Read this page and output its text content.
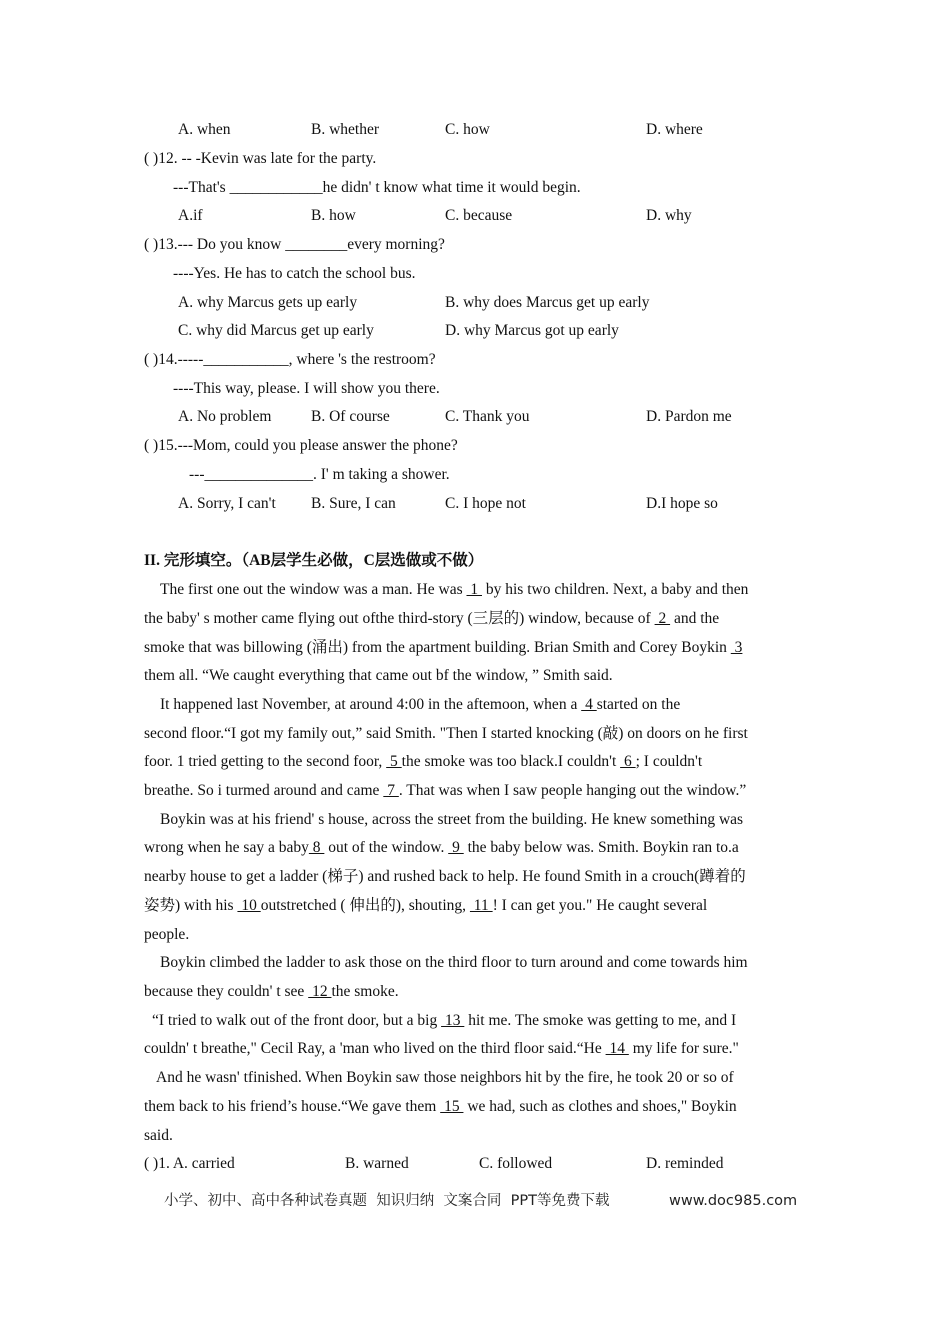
A. when	B. whether	C. how	D. where
( )12. -- -Kevin was late for the party.
---That's ____________he didn' t know what time it would begin.
A.if	B. how	C. because	D. why
( )13.--- Do you know ________every morning?
----Yes. He has to catch the school bus.
A. why Marcus gets up early	B. why does Marcus get up early
C. why did Marcus get up early	D. why Marcus got up early
( )14.-----___________, where 's the restroom?
----This way, please. I will show you there.
A. No problem	B. Of course	C. Thank you	D. Pardon me
( )15.---Mom, could you please answer the phone?
---______________. I' m taking a shower.
A. Sorry, I can't B. Sure, I can	C. I hope not	D.I hope so
II. 完形填空。（AB层学生必做，C层选做或不做）
The first one out the window was a man. He was  1  by his two children. Next, a baby and then
the baby' s mother came flying out ofthe third-story (三层的) window, because of  2  and the
smoke that was billowing (涌出) from the apartment building. Brian Smith and Corey Boykin  3
them all. “We caught everything that came out bf the window, ” Smith said.
It happened last November, at around 4:00 in the aftemoon, when a  4 started on the
second floor.“I got my family out,” said Smith. "Then I started knocking (敲) on doors on he first
foor. 1 tried getting to the second foor,  5 the smoke was too black.I couldn't  6 ; I couldn't
breathe. So i turmed around and came  7 . That was when I saw people hanging out the window.”
Boykin was at his friend' s house, across the street from the building. He knew something was
wrong when he say a baby 8  out of the window.  9  the baby below was. Smith. Boykin ran to.a
nearby house to get a ladder (梯子) and rushed back to help. He found Smith in a crouch(蹲着的
姿势) with his  10 outstretched ( 伸出的), shouting,  11 ! I can get you." He caught several
people.
Boykin climbed the ladder to ask those on the third floor to turn around and come towards him
because they couldn' t see  12 the smoke.
“I tried to walk out of the front door, but a big  13  hit me. The smoke was getting to me, and I
couldn' t breathe," Cecil Ray, a 'man who lived on the third floor said.“He  14  my life for sure."
And he wasn' tfinished. When Boykin saw those neighbors hit by the fire, he took 20 or so of
them back to his friend’s house.“We gave them  15  we had, such as clothes and shoes," Boykin
said.
( )1. A. carried	B. warned	C. followed	D. reminded
小学、初中、高中各种试卷真题  知识归纳  文案合同  PPT等免费下载	www.doc985.com
